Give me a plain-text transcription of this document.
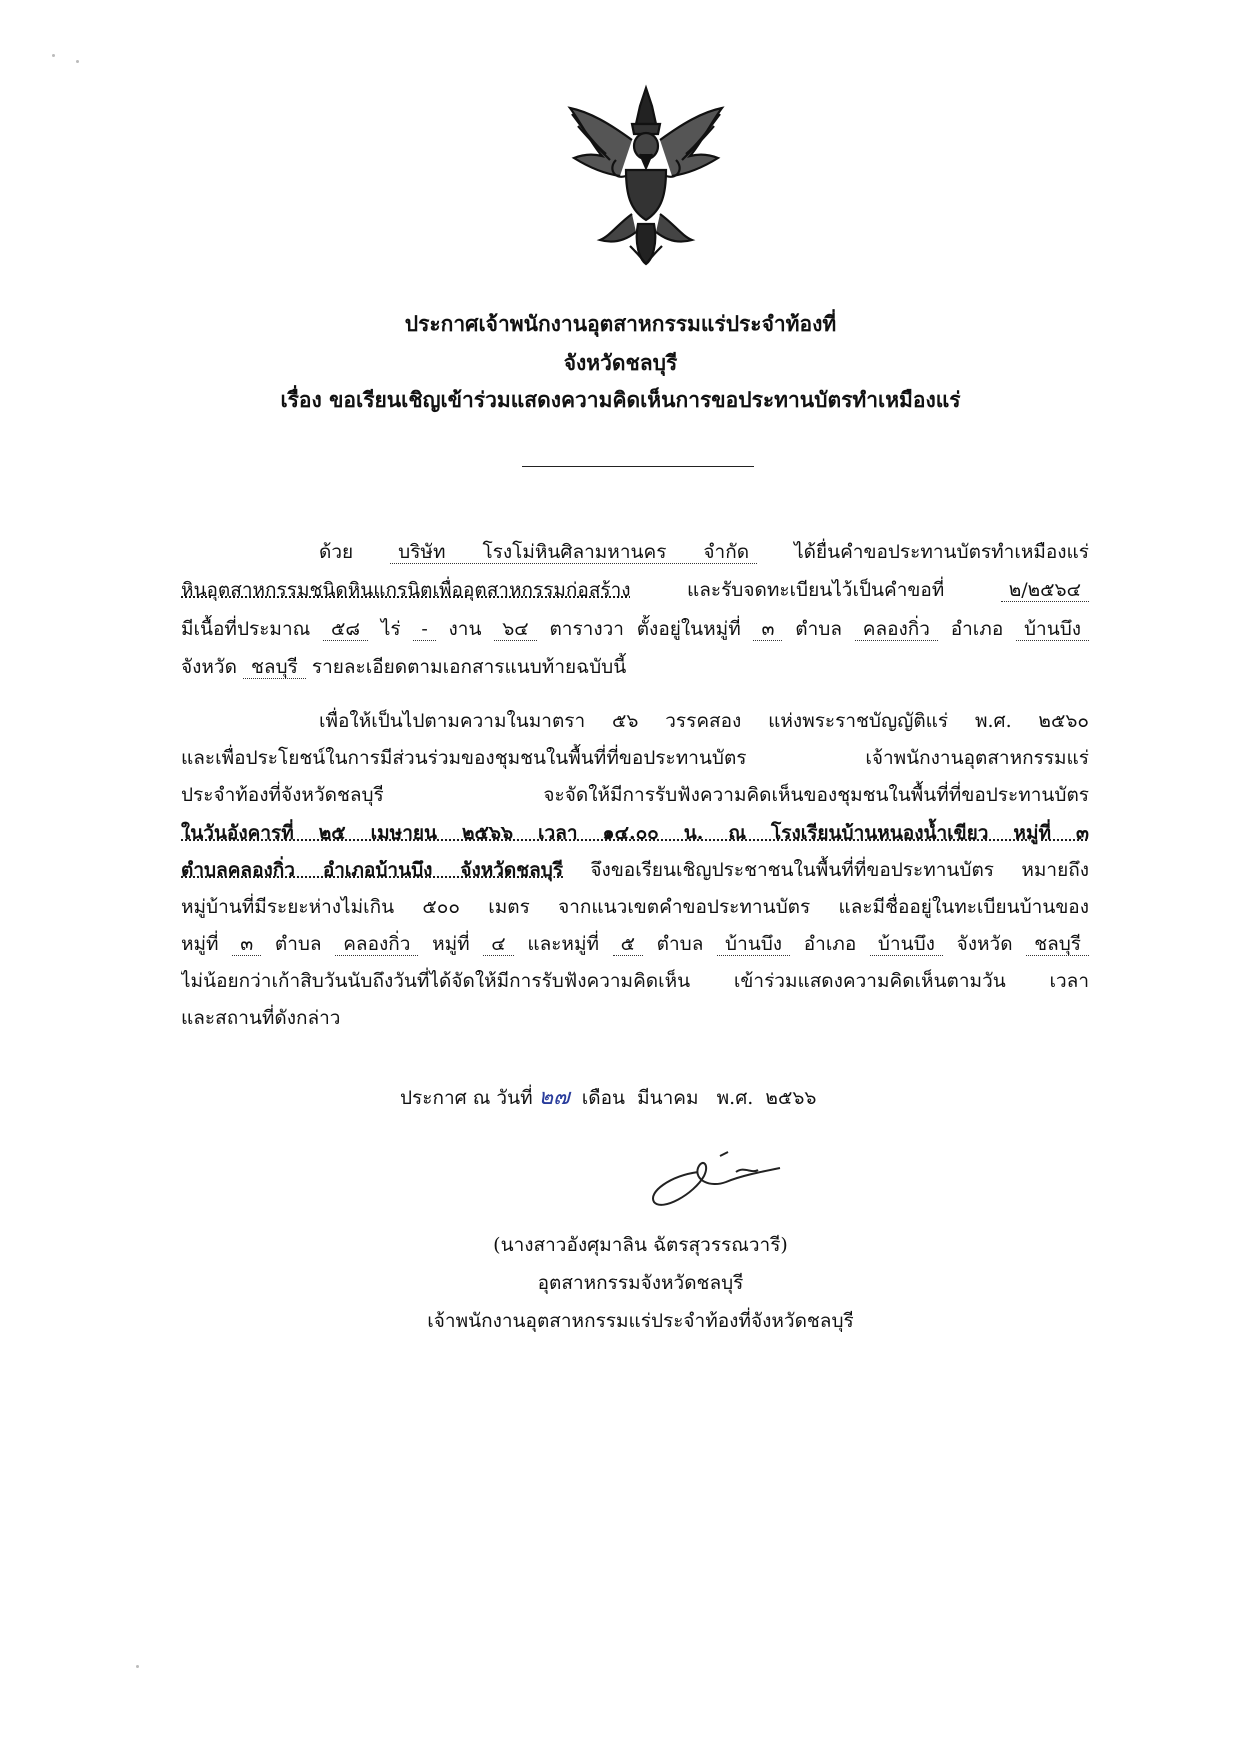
ประกาศเจ้าพนักงานอุตสาหกรรมแร่ประจำท้องที่
จังหวัดชลบุรี
เรื่อง ขอเรียนเชิญเข้าร่วมแสดงความคิดเห็นการขอประทานบัตรทำเหมืองแร่
ด้วย บริษัท โรงโม่หินศิลามหานคร จำกัด ได้ยื่นคำขอประทานบัตรทำเหมืองแร่
หินอุตสาหกรรมชนิดหินแกรนิตเพื่ออุตสาหกรรมก่อสร้าง	และรับจดทะเบียนไว้เป็นคำขอที่	๒/๒๕๖๔
มีเนื้อที่ประมาณ ๕๘ ไร่ - งาน ๖๔ ตารางวา ตั้งอยู่ในหมู่ที่ ๓ ตำบล คลองกิ่ว อำเภอ บ้านบึง
จังหวัด ชลบุรี รายละเอียดตามเอกสารแนบท้ายฉบับนี้
เพื่อให้เป็นไปตามความในมาตรา ๕๖ วรรคสอง แห่งพระราชบัญญัติแร่ พ.ศ. ๒๕๖๐
และเพื่อประโยชน์ในการมีส่วนร่วมของชุมชนในพื้นที่ที่ขอประทานบัตร เจ้าพนักงานอุตสาหกรรมแร่
ประจำท้องที่จังหวัดชลบุรี จะจัดให้มีการรับฟังความคิดเห็นของชุมชนในพื้นที่ที่ขอประทานบัตร
ในวันอังคารที่ ๒๕ เมษายน ๒๕๖๖ เวลา ๑๔.๐๐ น. ณ โรงเรียนบ้านหนองน้ำเขียว หมู่ที่ ๓
ตำบลคลองกิ่ว อำเภอบ้านบึง จังหวัดชลบุรี จึงขอเรียนเชิญประชาชนในพื้นที่ที่ขอประทานบัตร หมายถึง
หมู่บ้านที่มีระยะห่างไม่เกิน ๕๐๐ เมตร จากแนวเขตคำขอประทานบัตร และมีชื่ออยู่ในทะเบียนบ้านของ
หมู่ที่ ๓ ตำบล คลองกิ่ว หมู่ที่ ๔ และหมู่ที่ ๕ ตำบล บ้านบึง อำเภอ บ้านบึง จังหวัด ชลบุรี
ไม่น้อยกว่าเก้าสิบวันนับถึงวันที่ได้จัดให้มีการรับฟังความคิดเห็น เข้าร่วมแสดงความคิดเห็นตามวัน เวลา
และสถานที่ดังกล่าว
ประกาศ ณ วันที่ ๒๗ เดือน มีนาคม พ.ศ. ๒๕๖๖
(นางสาวอังศุมาลิน ฉัตรสุวรรณวารี)
อุตสาหกรรมจังหวัดชลบุรี
เจ้าพนักงานอุตสาหกรรมแร่ประจำท้องที่จังหวัดชลบุรี
